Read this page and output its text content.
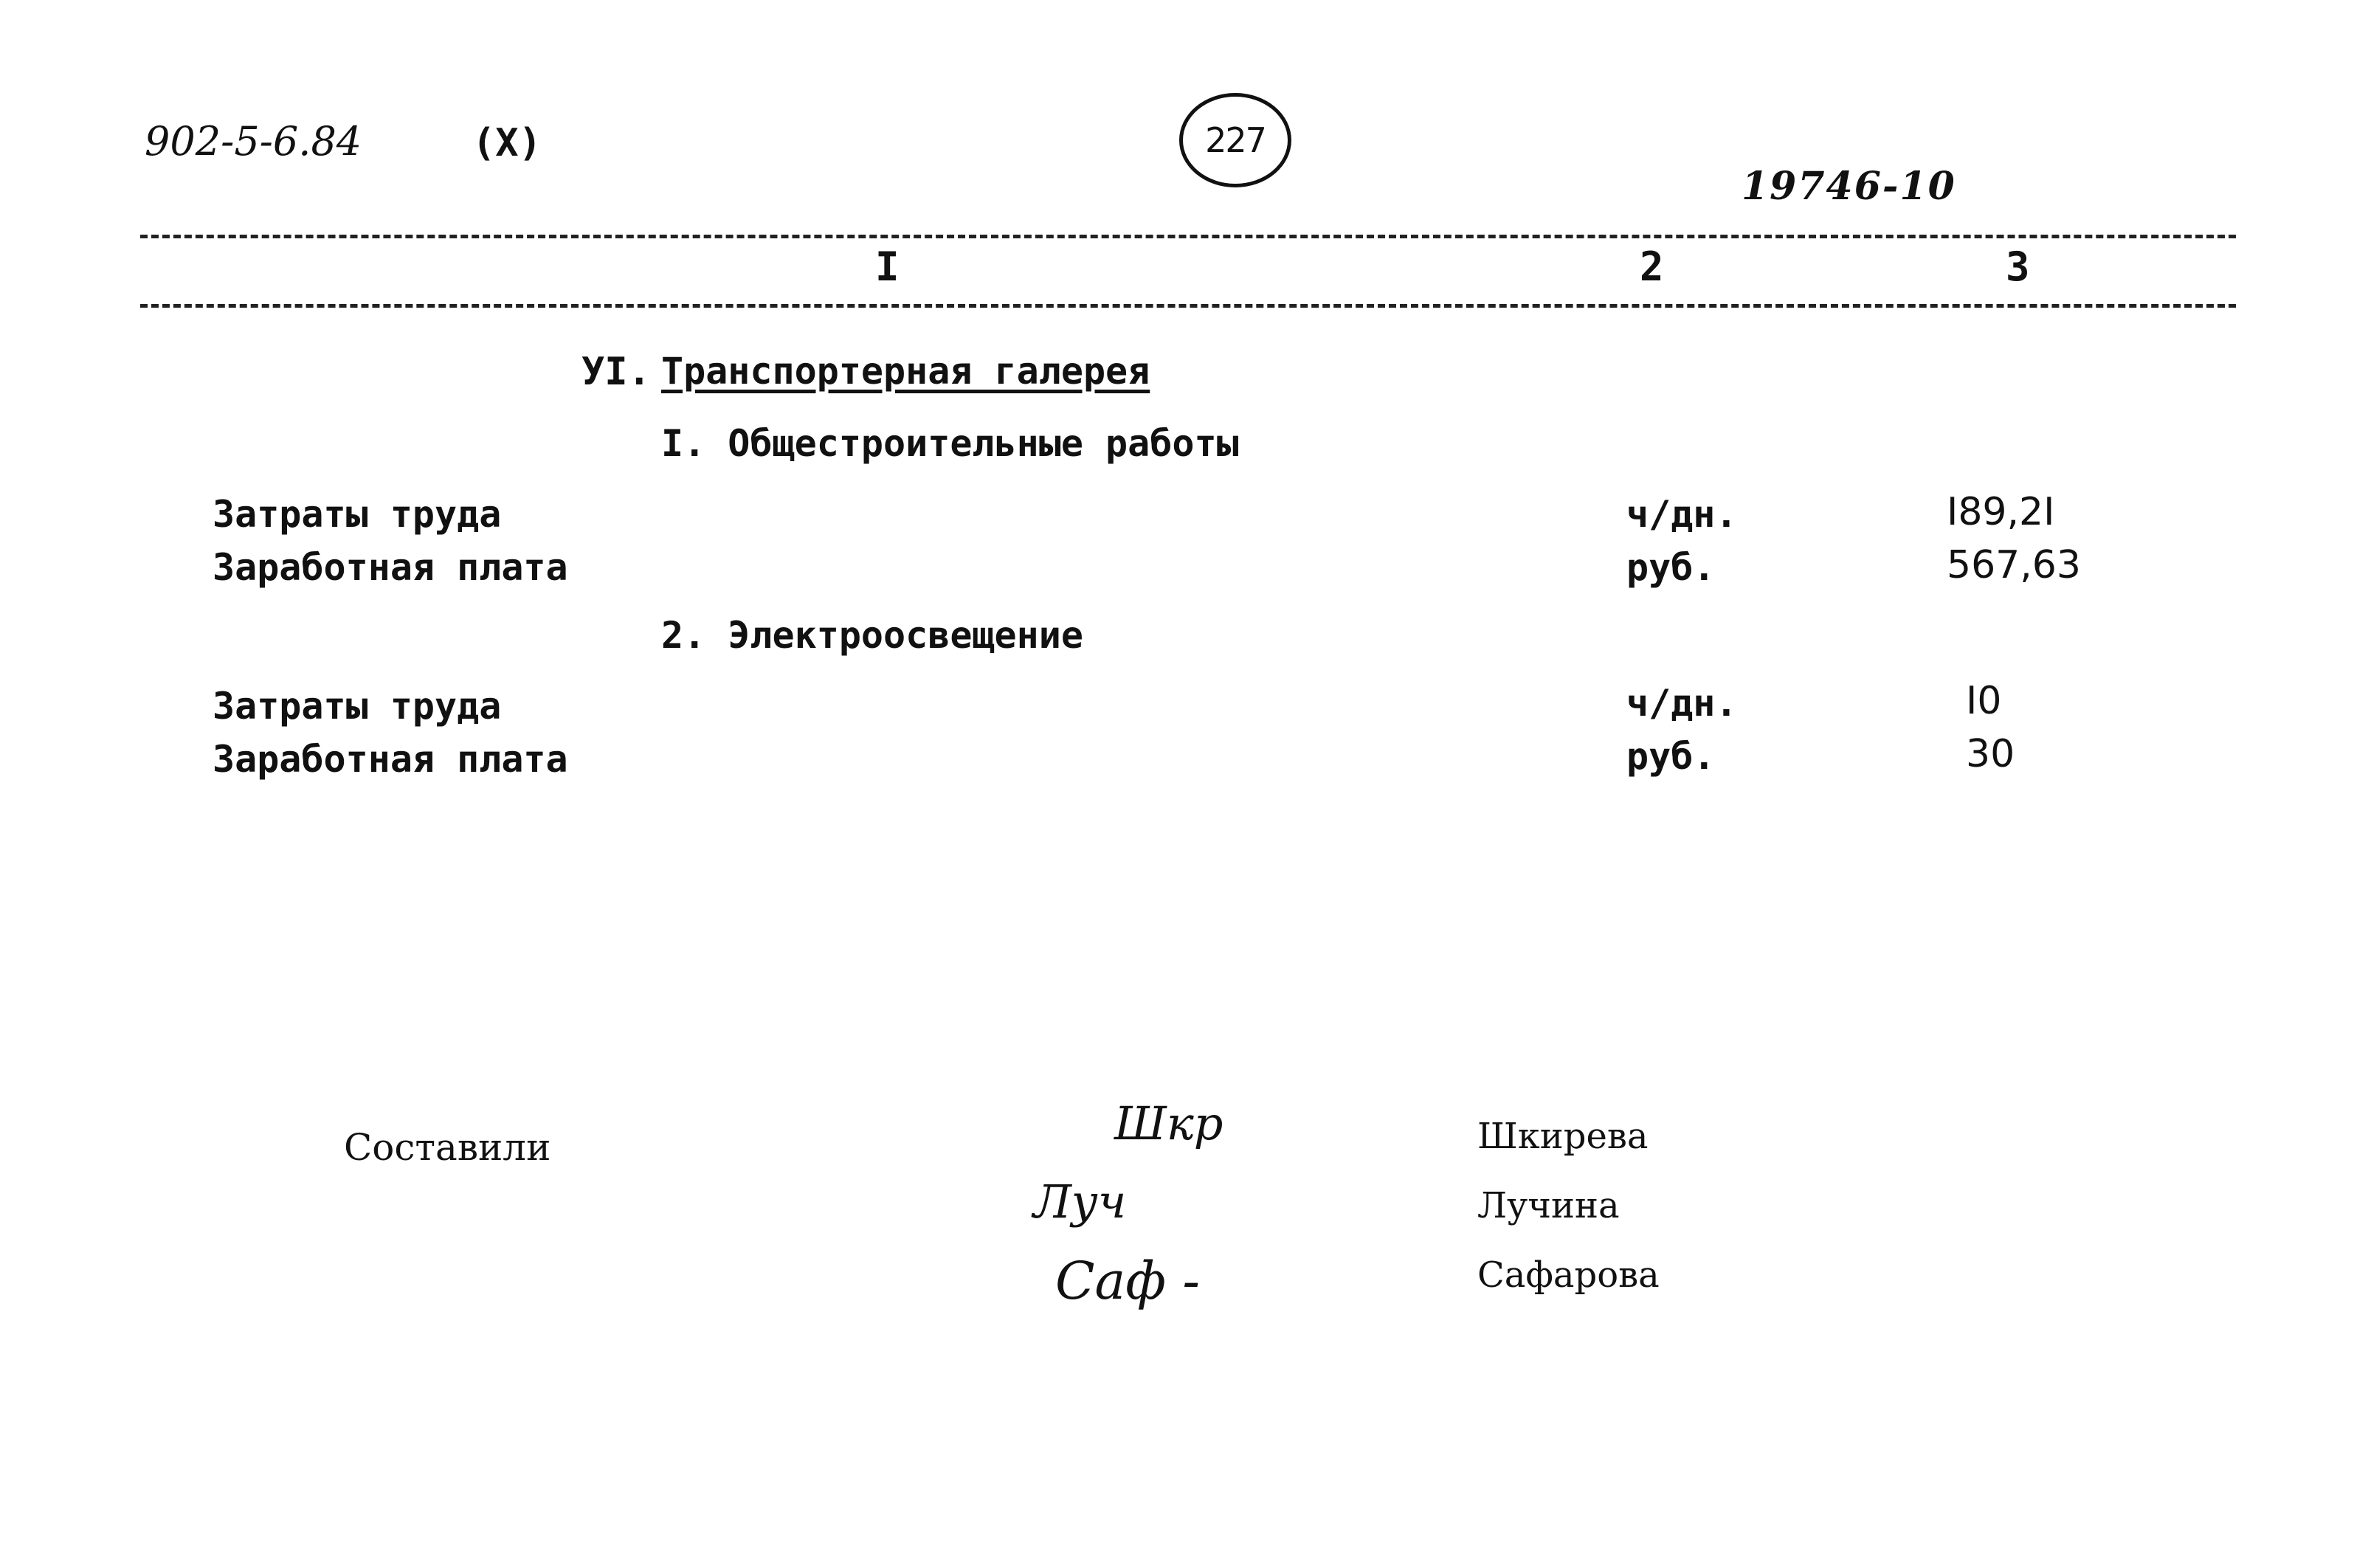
902-5-6.84	(X)	227
19746-10
I	2	3
УI. Транспортерная галерея
I. Общестроительные работы
Затраты труда	ч/дн.	I89,2I
Заработная плата	руб.	567,63
2. Электроосвещение
Затраты труда	ч/дн.	I0
Заработная плата	руб.	30
Составили	Шкр
Луч
Саф -
Шкирева
Лучина
Сафарова
